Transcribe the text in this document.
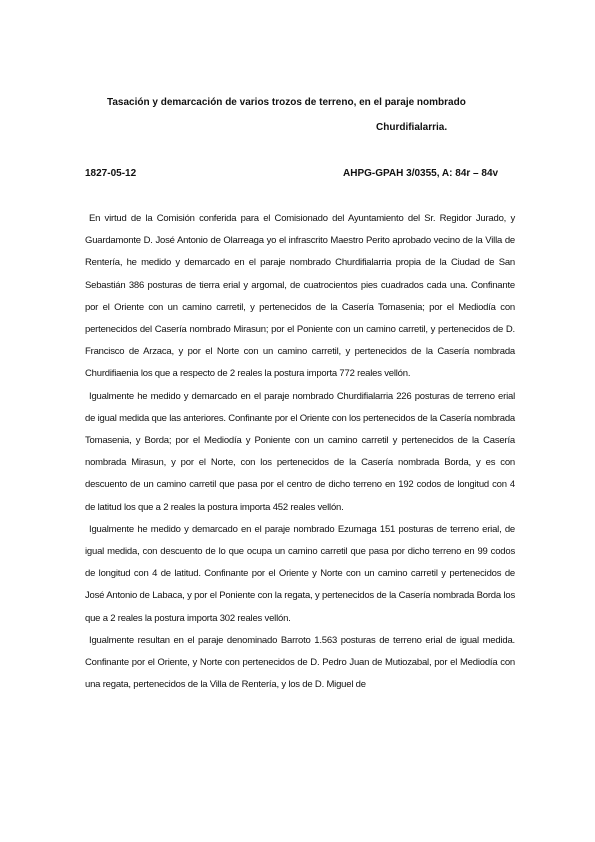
Tasación y demarcación de varios trozos de terreno, en el paraje nombrado
Churdifialarria.
1827-05-12	AHPG-GPAH 3/0355, A: 84r – 84v

En virtud de la Comisión conferida para el Comisionado del Ayuntamiento del Sr. Regidor Jurado, y Guardamonte D. José Antonio de Olarreaga yo el infrascrito Maestro Perito aprobado vecino de la Villa de Rentería, he medido y demarcado en el paraje nombrado Churdifialarria propia de la Ciudad de San Sebastián 386 posturas de tierra erial y argomal, de cuatrocientos pies cuadrados cada una. Confinante por el Oriente con un camino carretil, y pertenecidos de la Casería Tomasenia; por el Mediodía con pertenecidos del Casería nombrado Mirasun; por el Poniente con un camino carretil, y pertenecidos de D. Francisco de Arzaca, y por el Norte con un camino carretil, y pertenecidos de la Casería nombrada Churdifiaenia los que a respecto de 2 reales la postura importa 772 reales vellón.

Igualmente he medido y demarcado en el paraje nombrado Churdifialarria 226 posturas de terreno erial de igual medida que las anteriores. Confinante por el Oriente con los pertenecidos de la Casería nombrada Tomasenia, y Borda; por el Mediodía y Poniente con un camino carretil y pertenecidos de la Casería nombrada Mirasun, y por el Norte, con los pertenecidos de la Casería nombrada Borda, y es con descuento de un camino carretil que pasa por el centro de dicho terreno en 192 codos de longitud con 4 de latitud los que a 2 reales la postura importa 452 reales vellón.

Igualmente he medido y demarcado en el paraje nombrado Ezumaga 151 posturas de terreno erial, de igual medida, con descuento de lo que ocupa un camino carretil que pasa por dicho terreno en 99 codos de longitud con 4 de latitud. Confinante por el Oriente y Norte con un camino carretil y pertenecidos de José Antonio de Labaca, y por el Poniente con la regata, y pertenecidos de la Casería nombrada Borda los que a 2 reales la postura importa 302 reales vellón.

Igualmente resultan en el paraje denominado Barroto 1.563 posturas de terreno erial de igual medida. Confinante por el Oriente, y Norte con pertenecidos de D. Pedro Juan de Mutiozabal, por el Mediodía con una regata, pertenecidos de la Villa de Rentería, y los de D. Miguel de
